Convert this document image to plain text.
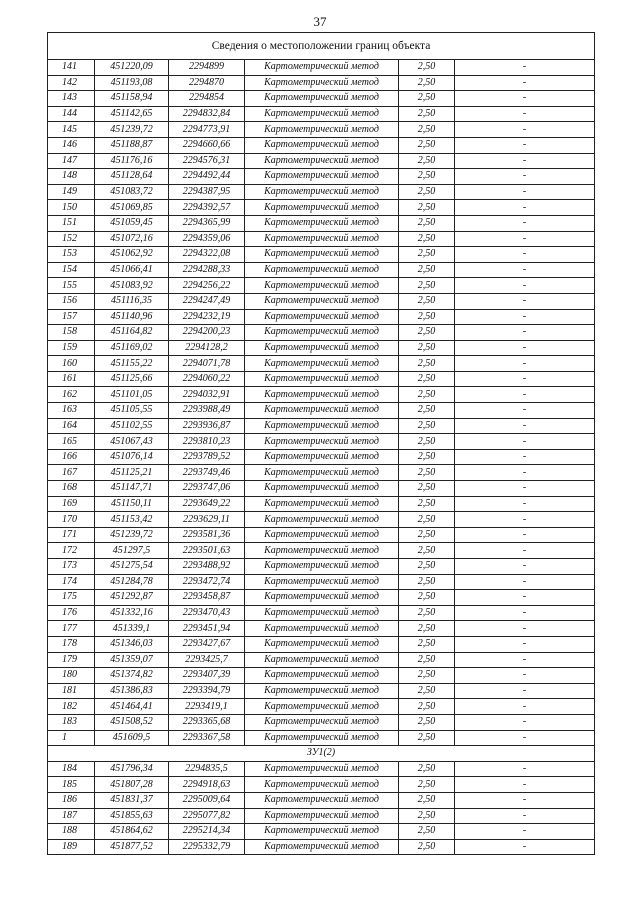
37
Сведения о местоположении границ объекта					
141	451220,09	2294899	Картометрический метод	2,50	-
142	451193,08	2294870	Картометрический метод	2,50	-
143	451158,94	2294854	Картометрический метод	2,50	-
144	451142,65	2294832,84	Картометрический метод	2,50	-
145	451239,72	2294773,91	Картометрический метод	2,50	-
146	451188,87	2294660,66	Картометрический метод	2,50	-
147	451176,16	2294576,31	Картометрический метод	2,50	-
148	451128,64	2294492,44	Картометрический метод	2,50	-
149	451083,72	2294387,95	Картометрический метод	2,50	-
150	451069,85	2294392,57	Картометрический метод	2,50	-
151	451059,45	2294365,99	Картометрический метод	2,50	-
152	451072,16	2294359,06	Картометрический метод	2,50	-
153	451062,92	2294322,08	Картометрический метод	2,50	-
154	451066,41	2294288,33	Картометрический метод	2,50	-
155	451083,92	2294256,22	Картометрический метод	2,50	-
156	451116,35	2294247,49	Картометрический метод	2,50	-
157	451140,96	2294232,19	Картометрический метод	2,50	-
158	451164,82	2294200,23	Картометрический метод	2,50	-
159	451169,02	2294128,2	Картометрический метод	2,50	-
160	451155,22	2294071,78	Картометрический метод	2,50	-
161	451125,66	2294060,22	Картометрический метод	2,50	-
162	451101,05	2294032,91	Картометрический метод	2,50	-
163	451105,55	2293988,49	Картометрический метод	2,50	-
164	451102,55	2293936,87	Картометрический метод	2,50	-
165	451067,43	2293810,23	Картометрический метод	2,50	-
166	451076,14	2293789,52	Картометрический метод	2,50	-
167	451125,21	2293749,46	Картометрический метод	2,50	-
168	451147,71	2293747,06	Картометрический метод	2,50	-
169	451150,11	2293649,22	Картометрический метод	2,50	-
170	451153,42	2293629,11	Картометрический метод	2,50	-
171	451239,72	2293581,36	Картометрический метод	2,50	-
172	451297,5	2293501,63	Картометрический метод	2,50	-
173	451275,54	2293488,92	Картометрический метод	2,50	-
174	451284,78	2293472,74	Картометрический метод	2,50	-
175	451292,87	2293458,87	Картометрический метод	2,50	-
176	451332,16	2293470,43	Картометрический метод	2,50	-
177	451339,1	2293451,94	Картометрический метод	2,50	-
178	451346,03	2293427,67	Картометрический метод	2,50	-
179	451359,07	2293425,7	Картометрический метод	2,50	-
180	451374,82	2293407,39	Картометрический метод	2,50	-
181	451386,83	2293394,79	Картометрический метод	2,50	-
182	451464,41	2293419,1	Картометрический метод	2,50	-
183	451508,52	2293365,68	Картометрический метод	2,50	-
1	451609,5	2293367,58	Картометрический метод	2,50	-
ЗУ1(2)					
184	451796,34	2294835,5	Картометрический метод	2,50	-
185	451807,28	2294918,63	Картометрический метод	2,50	-
186	451831,37	2295009,64	Картометрический метод	2,50	-
187	451855,63	2295077,82	Картометрический метод	2,50	-
188	451864,62	2295214,34	Картометрический метод	2,50	-
189	451877,52	2295332,79	Картометрический метод	2,50	-
